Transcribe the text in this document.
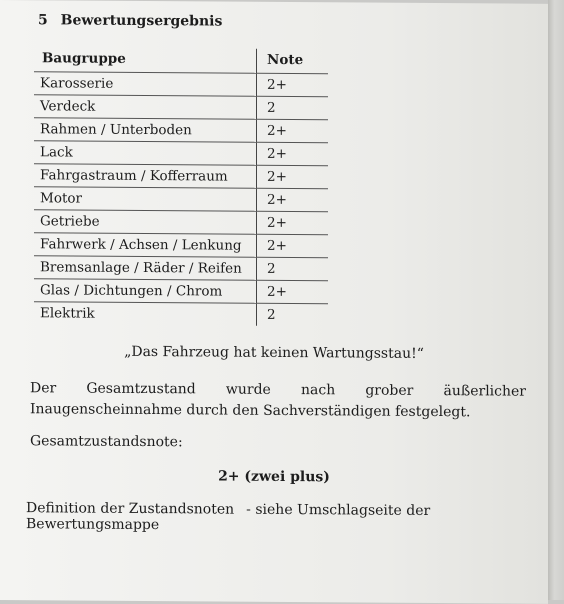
5 Bewertungsergebnis
Baugruppe	Note
Karosserie	2+
Verdeck	2
Rahmen / Unterboden	2+
Lack	2+
Fahrgastraum / Kofferraum	2+
Motor	2+
Getriebe	2+
Fahrwerk / Achsen / Lenkung	2+
Bremsanlage / Räder / Reifen	2
Glas / Dichtungen / Chrom	2+
Elektrik	2
„Das Fahrzeug hat keinen Wartungsstau!“
Der Gesamtzustand wurde nach grober äußerlicher Inaugenscheinnahme durch den Sachverständigen festgelegt.
Gesamtzustandsnote:
2+ (zwei plus)
Definition der Zustandsnoten - siehe Umschlagseite der Bewertungsmappe
